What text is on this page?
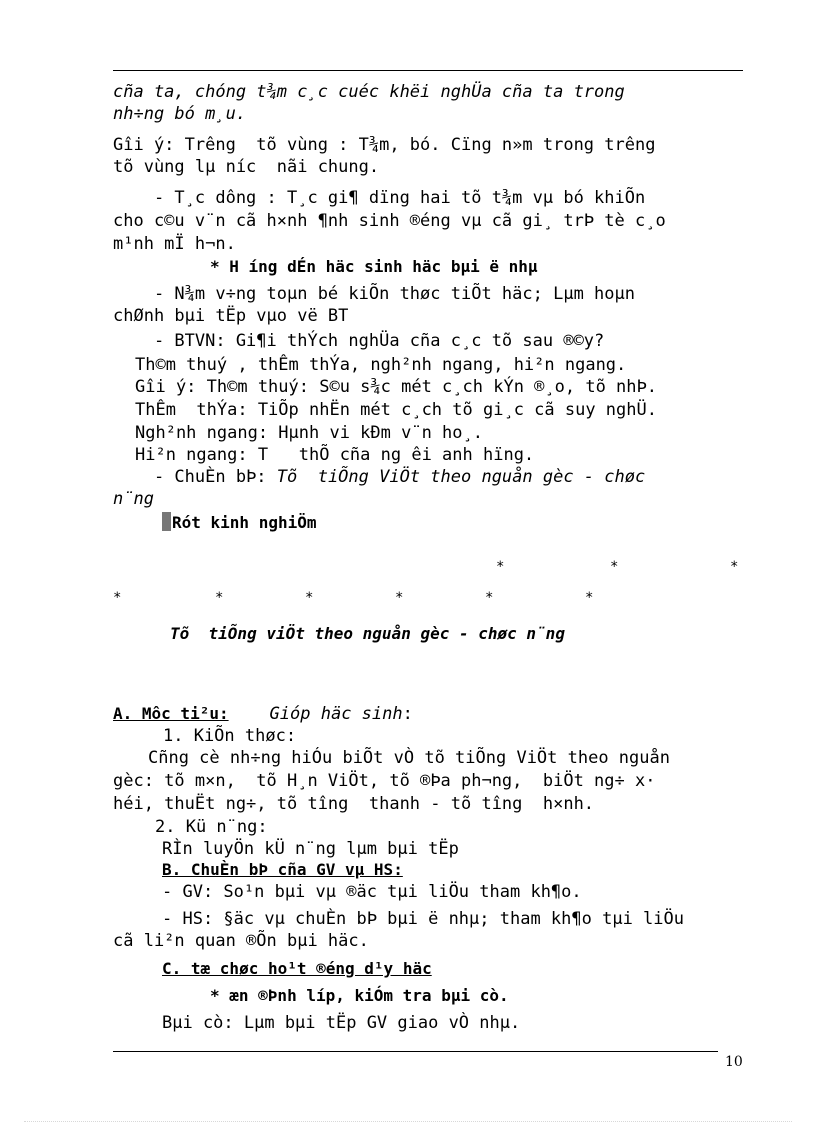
cña ta, chóng t¾m c¸c cuéc khëi nghÜa cña ta trong
nh÷ng bó m¸u.
Gîi ý: Trêng  tõ vùng : T¾m, bó. Cïng n»m trong trêng
tõ vùng lµ níc  nãi chung.
- T¸c dông : T¸c gi¶ dïng hai tõ t¾m vµ bó khiÕn
cho c©u v¨n cã h×nh ¶nh sinh ®éng vµ cã gi¸ trÞ tè c¸o
m¹nh mÏ h¬n.
* H íng dÉn häc sinh häc bµi ë nhµ
- N¾m v÷ng toµn bé kiÕn thøc tiÕt häc; Lµm hoµn
chØnh bµi tËp vµo vë BT
- BTVN: Gi¶i thÝch nghÜa cña c¸c tõ sau ®©y?
Th©m thuý , thÊm thÝa, ngh²nh ngang, hi²n ngang.
Gîi ý: Th©m thuý: S©u s¾c mét c¸ch kÝn ®¸o, tõ nhÞ.
ThÊm  thÝa: TiÕp nhËn mét c¸ch tõ gi¸c cã suy nghÜ.
Ngh²nh ngang: Hµnh vi kÐm v¨n ho¸.
Hi²n ngang: T   thÕ cña ng êi anh hïng.
- ChuÈn bÞ: Tõ  tiÕng ViÖt theo nguån gèc - chøc
n¨ng
Rót kinh nghiÖm
*	*	*
*	*	*	*	*	*
Tõ  tiÕng viÖt theo nguån gèc - chøc n¨ng
A. Môc ti²u: Gióp häc sinh:
1. KiÕn thøc:
Cñng cè nh÷ng hiÓu biÕt vÒ tõ tiÕng ViÖt theo nguån
gèc: tõ m×n,  tõ H¸n ViÖt, tõ ®Þa ph¬ng,  biÖt ng÷ x·
héi, thuËt ng÷, tõ tîng  thanh - tõ tîng  h×nh.
2. Kü n¨ng:
RÌn luyÖn kÜ n¨ng lµm bµi tËp
B. ChuÈn bÞ cña GV vµ HS:
- GV: So¹n bµi vµ ®äc tµi liÖu tham kh¶o.
- HS: §äc vµ chuÈn bÞ bµi ë nhµ; tham kh¶o tµi liÖu
cã li²n quan ®Õn bµi häc.
C. tæ chøc ho¹t ®éng d¹y häc
* æn ®Þnh líp, kiÓm tra bµi cò.
Bµi cò: Lµm bµi tËp GV giao vÒ nhµ.
10
